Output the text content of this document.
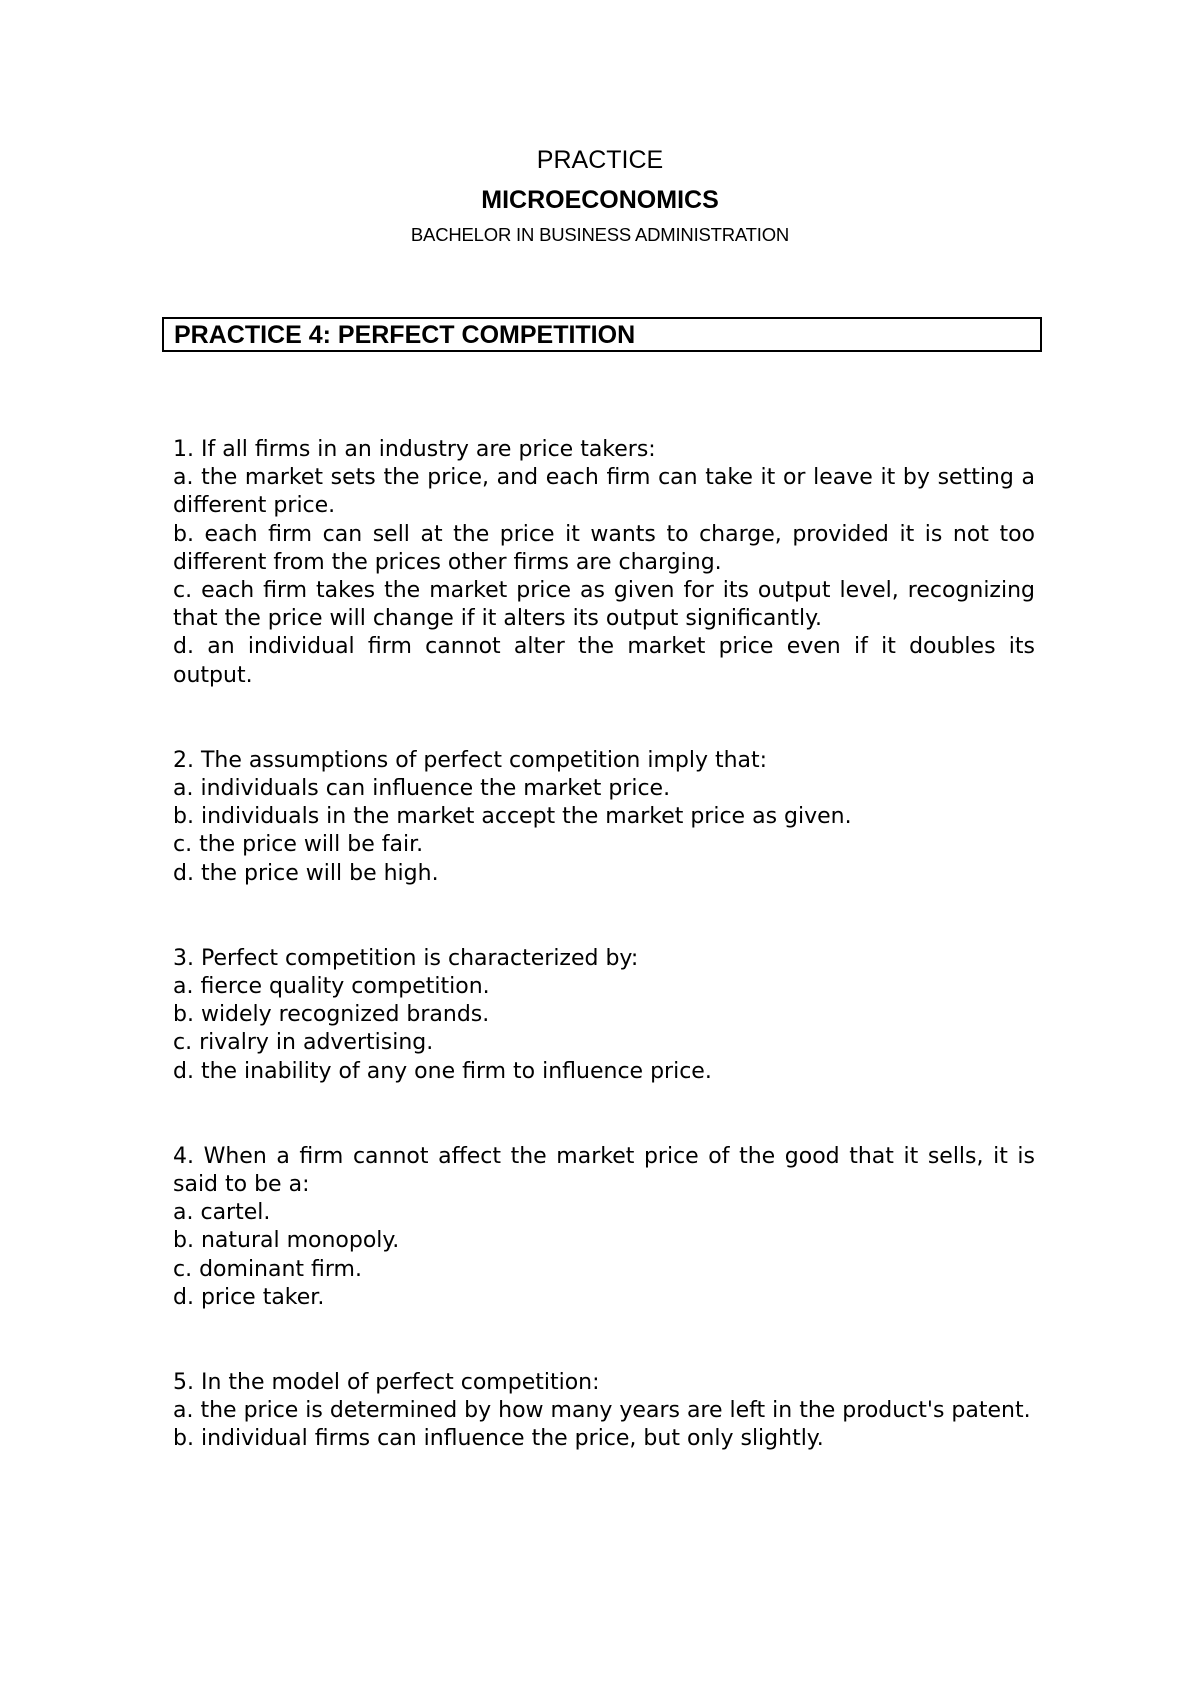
PRACTICE
MICROECONOMICS
BACHELOR IN BUSINESS ADMINISTRATION
PRACTICE 4: PERFECT COMPETITION

1. If all firms in an industry are price takers:

a. the market sets the price, and each firm can take it or leave it by setting a different price.

b. each firm can sell at the price it wants to charge, provided it is not too different from the prices other firms are charging.

c. each firm takes the market price as given for its output level, recognizing that the price will change if it alters its output significantly.

d. an individual firm cannot alter the market price even if it doubles its output.

2. The assumptions of perfect competition imply that:

a. individuals can influence the market price.

b. individuals in the market accept the market price as given.

c. the price will be fair.

d. the price will be high.

3. Perfect competition is characterized by:

a. fierce quality competition.

b. widely recognized brands.

c. rivalry in advertising.

d. the inability of any one firm to influence price.

4. When a firm cannot affect the market price of the good that it sells, it is said to be a:

a. cartel.

b. natural monopoly.

c. dominant firm.

d. price taker.

5. In the model of perfect competition:

a. the price is determined by how many years are left in the product's patent.

b. individual firms can influence the price, but only slightly.
